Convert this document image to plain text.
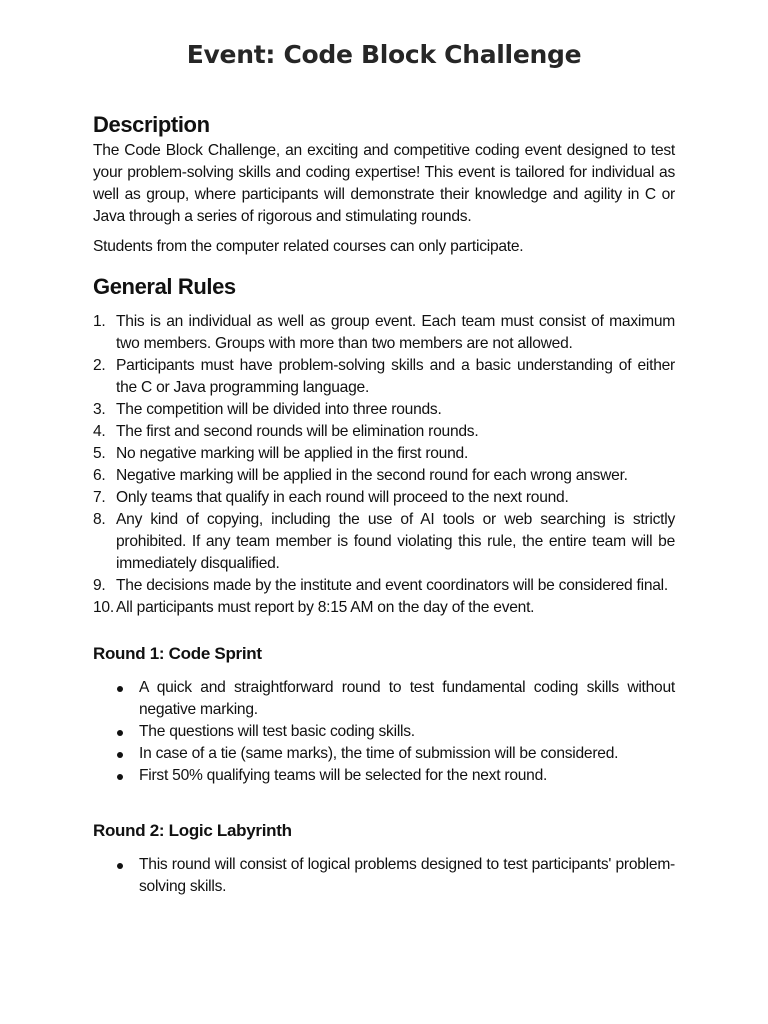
Event: Code Block Challenge
Description

The Code Block Challenge, an exciting and competitive coding event designed to test your problem-solving skills and coding expertise! This event is tailored for individual as well as group, where participants will demonstrate their knowledge and agility in C or Java through a series of rigorous and stimulating rounds.

Students from the computer related courses can only participate.

General Rules
1. This is an individual as well as group event. Each team must consist of maximum two members. Groups with more than two members are not allowed.
2. Participants must have problem-solving skills and a basic understanding of either the C or Java programming language.
3. The competition will be divided into three rounds.
4. The first and second rounds will be elimination rounds.
5. No negative marking will be applied in the first round.
6. Negative marking will be applied in the second round for each wrong answer.
7. Only teams that qualify in each round will proceed to the next round.
8. Any kind of copying, including the use of AI tools or web searching is strictly prohibited. If any team member is found violating this rule, the entire team will be immediately disqualified.
9. The decisions made by the institute and event coordinators will be considered final.
10. All participants must report by 8:15 AM on the day of the event.
Round 1: Code Sprint
A quick and straightforward round to test fundamental coding skills without negative marking.
The questions will test basic coding skills.
In case of a tie (same marks), the time of submission will be considered.
First 50% qualifying teams will be selected for the next round.
Round 2: Logic Labyrinth
This round will consist of logical problems designed to test participants' problem-solving skills.
